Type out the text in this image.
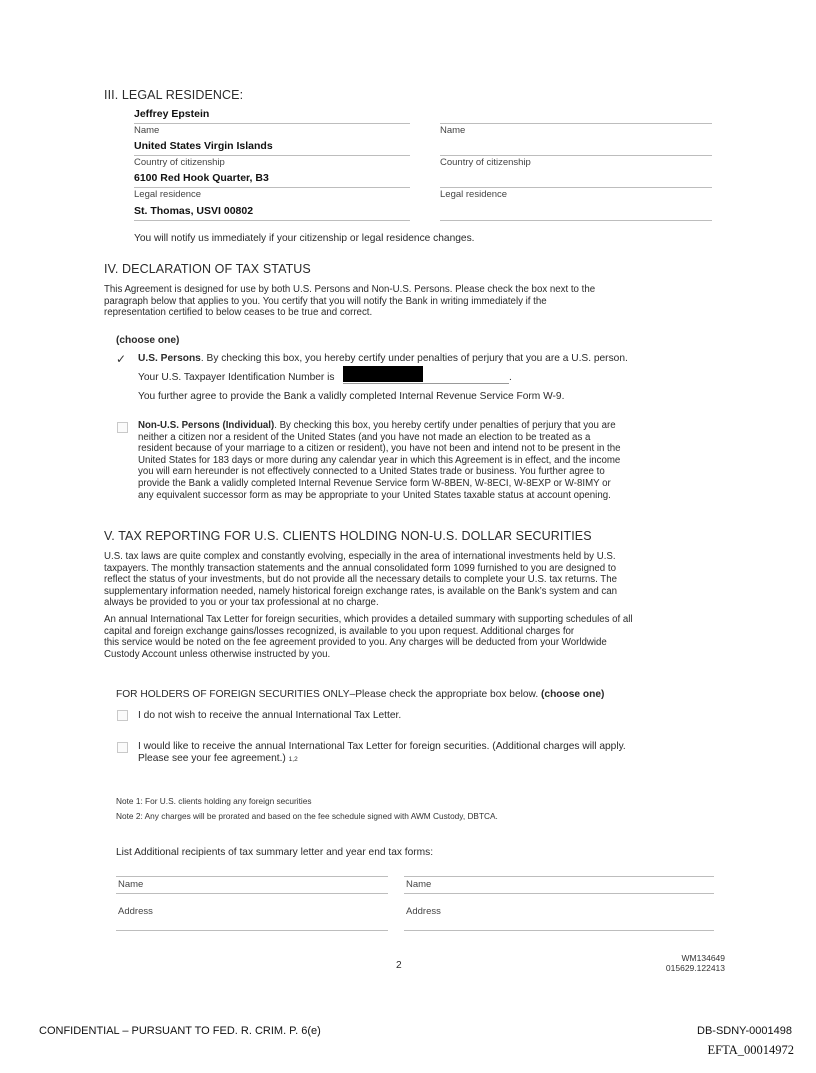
III. LEGAL RESIDENCE:
Jeffrey Epstein
Name	Name
United States Virgin Islands
Country of citizenship	Country of citizenship
6100 Red Hook Quarter, B3
Legal residence	Legal residence
St. Thomas, USVI 00802
You will notify us immediately if your citizenship or legal residence changes.
IV. DECLARATION OF TAX STATUS
This Agreement is designed for use by both U.S. Persons and Non-U.S. Persons. Please check the box next to the
paragraph below that applies to you. You certify that you will notify the Bank in writing immediately if the
representation certified to below ceases to be true and correct.
(choose one)
✓ U.S. Persons. By checking this box, you hereby certify under penalties of perjury that you are a U.S. person.
Your U.S. Taxpayer Identification Number is	.
You further agree to provide the Bank a validly completed Internal Revenue Service Form W-9.
Non-U.S. Persons (Individual). By checking this box, you hereby certify under penalties of perjury that you are
neither a citizen nor a resident of the United States (and you have not made an election to be treated as a
resident because of your marriage to a citizen or resident), you have not been and intend not to be present in the
United States for 183 days or more during any calendar year in which this Agreement is in effect, and the income
you will earn hereunder is not effectively connected to a United States trade or business. You further agree to
provide the Bank a validly completed Internal Revenue Service form W-8BEN, W-8ECI, W-8EXP or W-8IMY or
any equivalent successor form as may be appropriate to your United States taxable status at account opening.
V. TAX REPORTING FOR U.S. CLIENTS HOLDING NON-U.S. DOLLAR SECURITIES
U.S. tax laws are quite complex and constantly evolving, especially in the area of international investments held by U.S.
taxpayers. The monthly transaction statements and the annual consolidated form 1099 furnished to you are designed to
reflect the status of your investments, but do not provide all the necessary details to complete your U.S. tax returns. The
supplementary information needed, namely historical foreign exchange rates, is available on the Bank’s system and can
always be provided to you or your tax professional at no charge.
An annual International Tax Letter for foreign securities, which provides a detailed summary with supporting schedules of all
capital and foreign exchange gains/losses recognized, is available to you upon request. Additional charges for
this service would be noted on the fee agreement provided to you. Any charges will be deducted from your Worldwide
Custody Account unless otherwise instructed by you.
FOR HOLDERS OF FOREIGN SECURITIES ONLY–Please check the appropriate box below. (choose one)
I do not wish to receive the annual International Tax Letter.
I would like to receive the annual International Tax Letter for foreign securities. (Additional charges will apply.
Please see your fee agreement.) 1,2
Note 1: For U.S. clients holding any foreign securities
Note 2: Any charges will be prorated and based on the fee schedule signed with AWM Custody, DBTCA.
List Additional recipients of tax summary letter and year end tax forms:
Name
Address
Name
Address
2
WM134649
015629.122413
CONFIDENTIAL – PURSUANT TO FED. R. CRIM. P. 6(e)	DB-SDNY-0001498
EFTA_00014972
